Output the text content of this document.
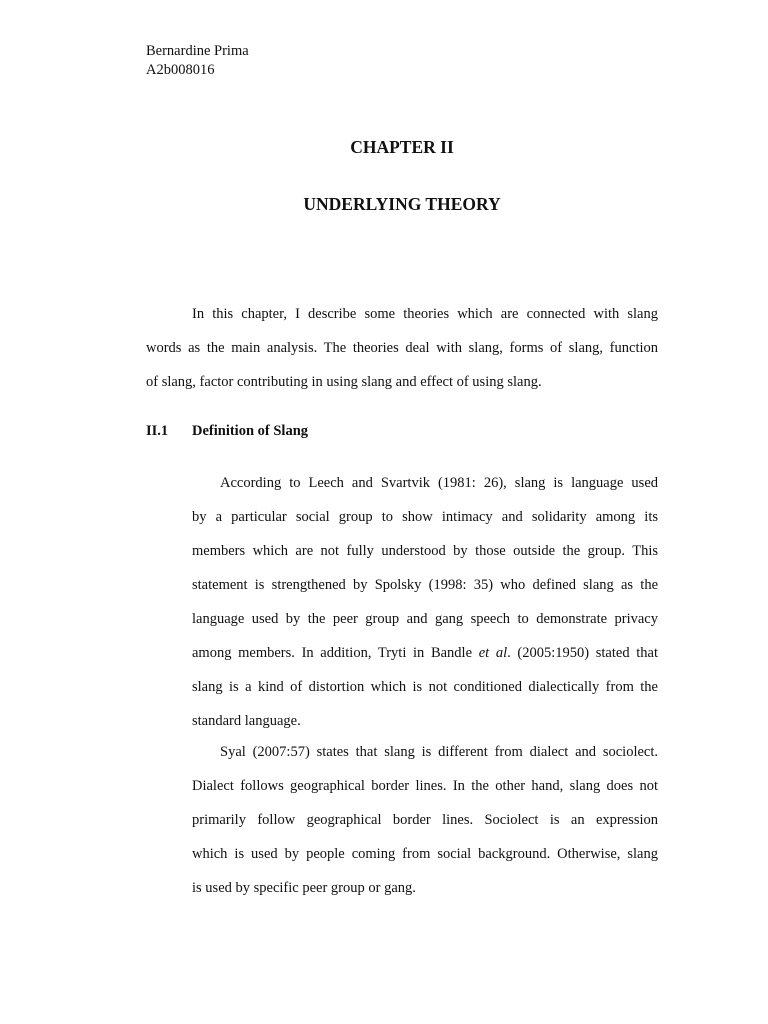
Bernardine Prima
A2b008016
CHAPTER II
UNDERLYING THEORY
In this chapter, I describe some theories which are connected with slang
words as the main analysis. The theories deal with slang, forms of slang, function
of slang, factor contributing in using slang and effect of using slang.
II.1 Definition of Slang
According to Leech and Svartvik (1981: 26), slang is language used
by a particular social group to show intimacy and solidarity among its
members which are not fully understood by those outside the group. This
statement is strengthened by Spolsky (1998: 35) who defined slang as the
language used by the peer group and gang speech to demonstrate privacy
among members. In addition, Tryti in Bandle et al. (2005:1950) stated that
slang is a kind of distortion which is not conditioned dialectically from the
standard language.
Syal (2007:57) states that slang is different from dialect and sociolect.
Dialect follows geographical border lines. In the other hand, slang does not
primarily follow geographical border lines. Sociolect is an expression
which is used by people coming from social background. Otherwise, slang
is used by specific peer group or gang.
